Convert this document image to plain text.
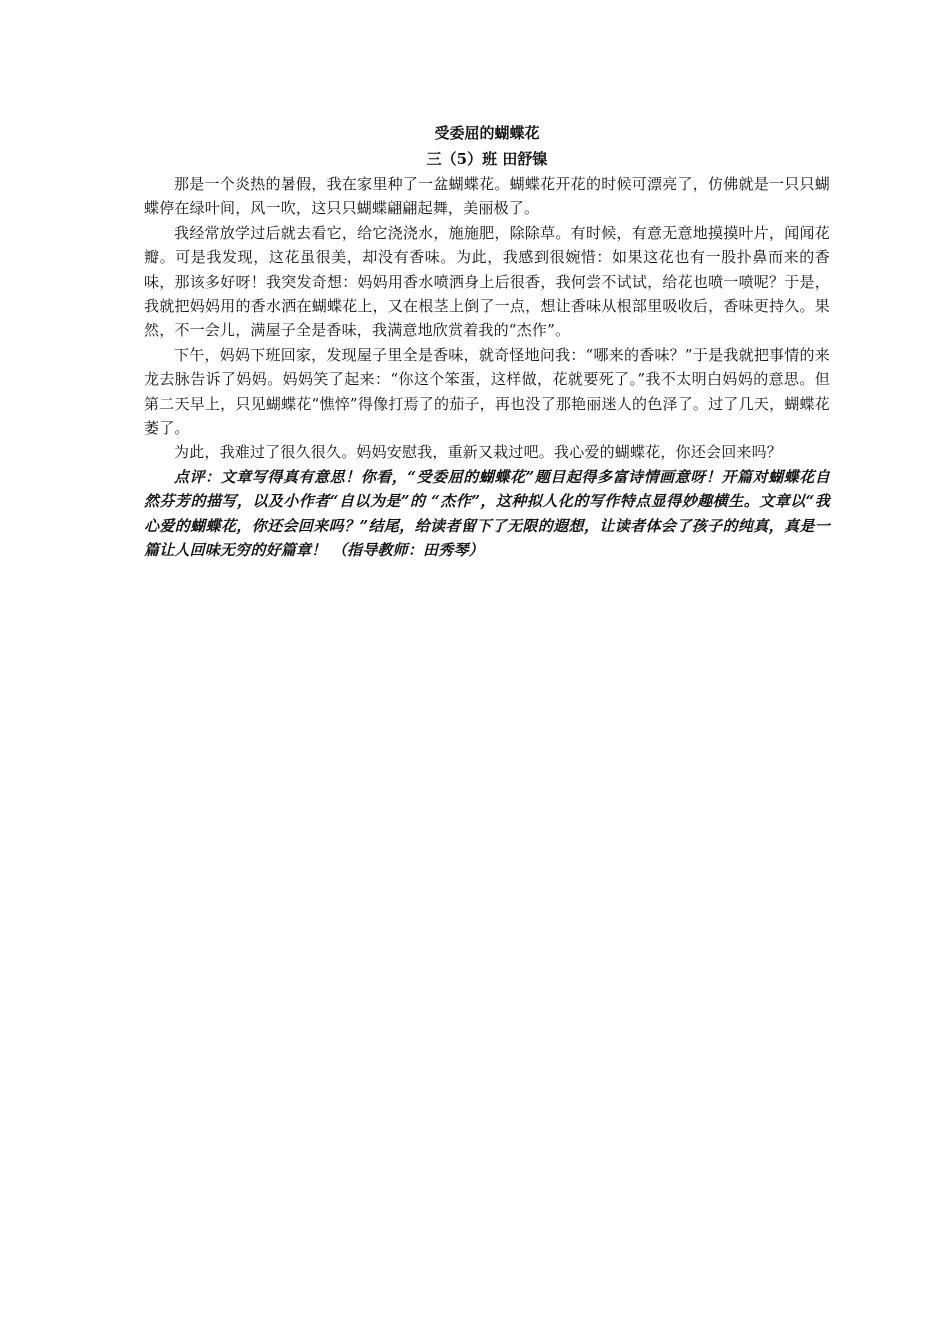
受委屈的蝴蝶花

三（5）班 田舒镍

那是一个炎热的暑假，我在家里种了一盆蝴蝶花。蝴蝶花开花的时候可漂亮了，仿佛就是一只只蝴蝶停在绿叶间，风一吹，这只只蝴蝶翩翩起舞，美丽极了。

我经常放学过后就去看它，给它浇浇水，施施肥，除除草。有时候，有意无意地摸摸叶片，闻闻花瓣。可是我发现，这花虽很美，却没有香味。为此，我感到很婉惜：如果这花也有一股扑鼻而来的香味，那该多好呀！我突发奇想：妈妈用香水喷洒身上后很香，我何尝不试试，给花也喷一喷呢？于是，我就把妈妈用的香水洒在蝴蝶花上，又在根茎上倒了一点，想让香味从根部里吸收后，香味更持久。果然，不一会儿，满屋子全是香味，我满意地欣赏着我的“杰作”。

下午，妈妈下班回家，发现屋子里全是香味，就奇怪地问我：“哪来的香味？”于是我就把事情的来龙去脉告诉了妈妈。妈妈笑了起来：“你这个笨蛋，这样做，花就要死了。”我不太明白妈妈的意思。但第二天早上，只见蝴蝶花“憔悴”得像打焉了的茄子，再也没了那艳丽迷人的色泽了。过了几天，蝴蝶花萎了。

为此，我难过了很久很久。妈妈安慰我，重新又栽过吧。我心爱的蝴蝶花，你还会回来吗？

点评：文章写得真有意思！你看，“受委屈的蝴蝶花”题目起得多富诗情画意呀！开篇对蝴蝶花自然芬芳的描写，以及小作者“自以为是”的 “杰作”，这种拟人化的写作特点显得妙趣横生。文章以“我心爱的蝴蝶花，你还会回来吗？”结尾，给读者留下了无限的遐想，让读者体会了孩子的纯真，真是一篇让人回味无穷的好篇章！ （指导教师：田秀琴）
